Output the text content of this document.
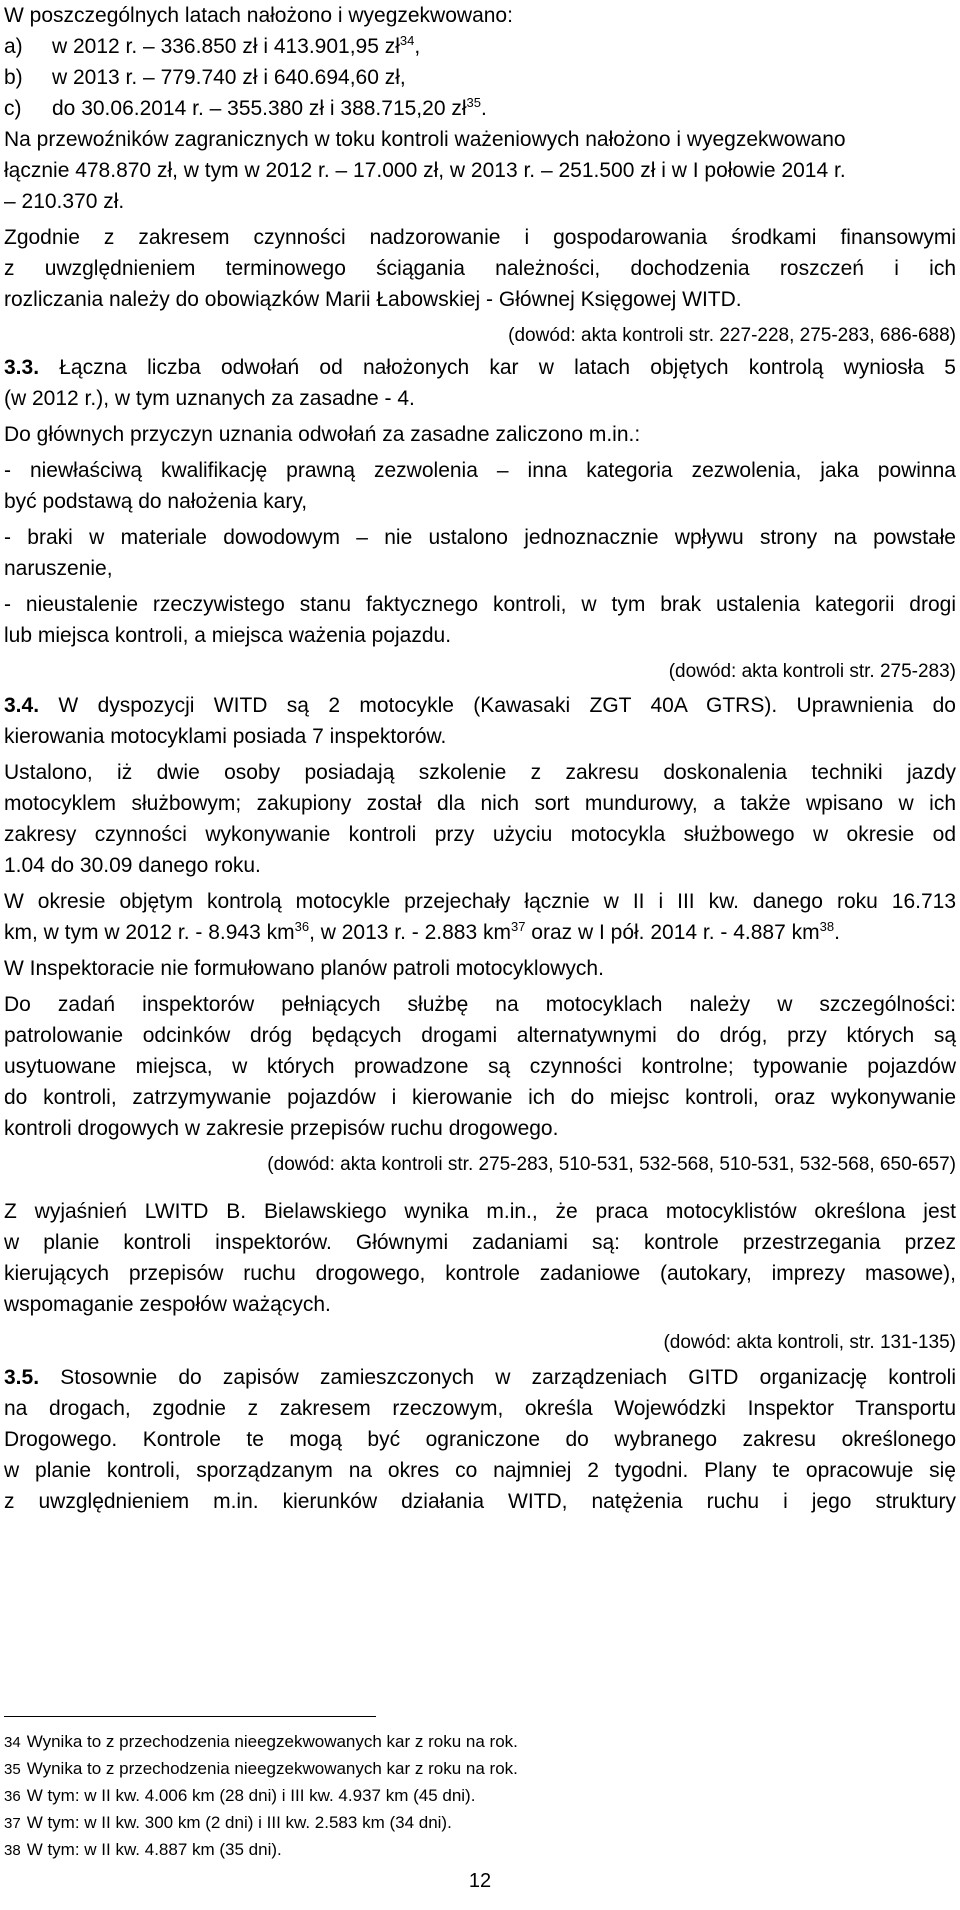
W poszczególnych latach nałożono i wyegzekwowano:
a) w 2012 r. – 336.850 zł i 413.901,95 $zł^{34}$,
b) w 2013 r. – 779.740 zł i 640.694,60 zł,
c) do 30.06.2014 r. – 355.380 zł i 388.715,20 $zł^{35}$.
Na przewoźników zagranicznych w toku kontroli ważeniowych nałożono i wyegzekwowano
łącznie 478.870 zł, w tym w 2012 r. – 17.000 zł, w 2013 r. – 251.500 zł i w I połowie 2014 r.
– 210.370 zł.
Zgodnie z zakresem czynności nadzorowanie i gospodarowania środkami finansowymi
z uwzględnieniem terminowego ściągania należności, dochodzenia roszczeń i ich
rozliczania należy do obowiązków Marii Łabowskiej - Głównej Księgowej WITD.
(dowód: akta kontroli str. 227-228, 275-283, 686-688)
3.3. Łączna liczba odwołań od nałożonych kar w latach objętych kontrolą wyniosła 5
(w 2012 r.), w tym uznanych za zasadne - 4.
Do głównych przyczyn uznania odwołań za zasadne zaliczono m.in.:
- niewłaściwą kwalifikację prawną zezwolenia – inna kategoria zezwolenia, jaka powinna
być podstawą do nałożenia kary,
- braki w materiale dowodowym – nie ustalono jednoznacznie wpływu strony na powstałe
naruszenie,
- nieustalenie rzeczywistego stanu faktycznego kontroli, w tym brak ustalenia kategorii drogi
lub miejsca kontroli, a miejsca ważenia pojazdu.
(dowód: akta kontroli str. 275-283)
3.4. W dyspozycji WITD są 2 motocykle (Kawasaki ZGT 40A GTRS). Uprawnienia do
kierowania motocyklami posiada 7 inspektorów.
Ustalono, iż dwie osoby posiadają szkolenie z zakresu doskonalenia techniki jazdy
motocyklem służbowym; zakupiony został dla nich sort mundurowy, a także wpisano w ich
zakresy czynności wykonywanie kontroli przy użyciu motocykla służbowego w okresie od
1.04 do 30.09 danego roku.
W okresie objętym kontrolą motocykle przejechały łącznie w II i III kw. danego roku 16.713
km, w tym w 2012 r. - 8.943 $km^{36}$, w 2013 r. - 2.883 $km^{37}$ oraz w I pół. 2014 r. - 4.887 $km^{38}$.
W Inspektoracie nie formułowano planów patroli motocyklowych.
Do zadań inspektorów pełniących służbę na motocyklach należy w szczególności:
patrolowanie odcinków dróg będących drogami alternatywnymi do dróg, przy których są
usytuowane miejsca, w których prowadzone są czynności kontrolne; typowanie pojazdów
do kontroli, zatrzymywanie pojazdów i kierowanie ich do miejsc kontroli, oraz wykonywanie
kontroli drogowych w zakresie przepisów ruchu drogowego.
(dowód: akta kontroli str. 275-283, 510-531, 532-568, 510-531, 532-568, 650-657)
Z wyjaśnień LWITD B. Bielawskiego wynika m.in., że praca motocyklistów określona jest
w planie kontroli inspektorów. Głównymi zadaniami są: kontrole przestrzegania przez
kierujących przepisów ruchu drogowego, kontrole zadaniowe (autokary, imprezy masowe),
wspomaganie zespołów ważących.
(dowód: akta kontroli, str. 131-135)
3.5. Stosownie do zapisów zamieszczonych w zarządzeniach GITD organizację kontroli
na drogach, zgodnie z zakresem rzeczowym, określa Wojewódzki Inspektor Transportu
Drogowego. Kontrole te mogą być ograniczone do wybranego zakresu określonego
w planie kontroli, sporządzanym na okres co najmniej 2 tygodni. Plany te opracowuje się
z uwzględnieniem m.in. kierunków działania WITD, natężenia ruchu i jego struktury
34 Wynika to z przechodzenia nieegzekwowanych kar z roku na rok.
35 Wynika to z przechodzenia nieegzekwowanych kar z roku na rok.
36 W tym: w II kw. 4.006 km (28 dni) i III kw. 4.937 km (45 dni).
37 W tym: w II kw. 300 km (2 dni) i III kw. 2.583 km (34 dni).
38 W tym: w II kw. 4.887 km (35 dni).
12
